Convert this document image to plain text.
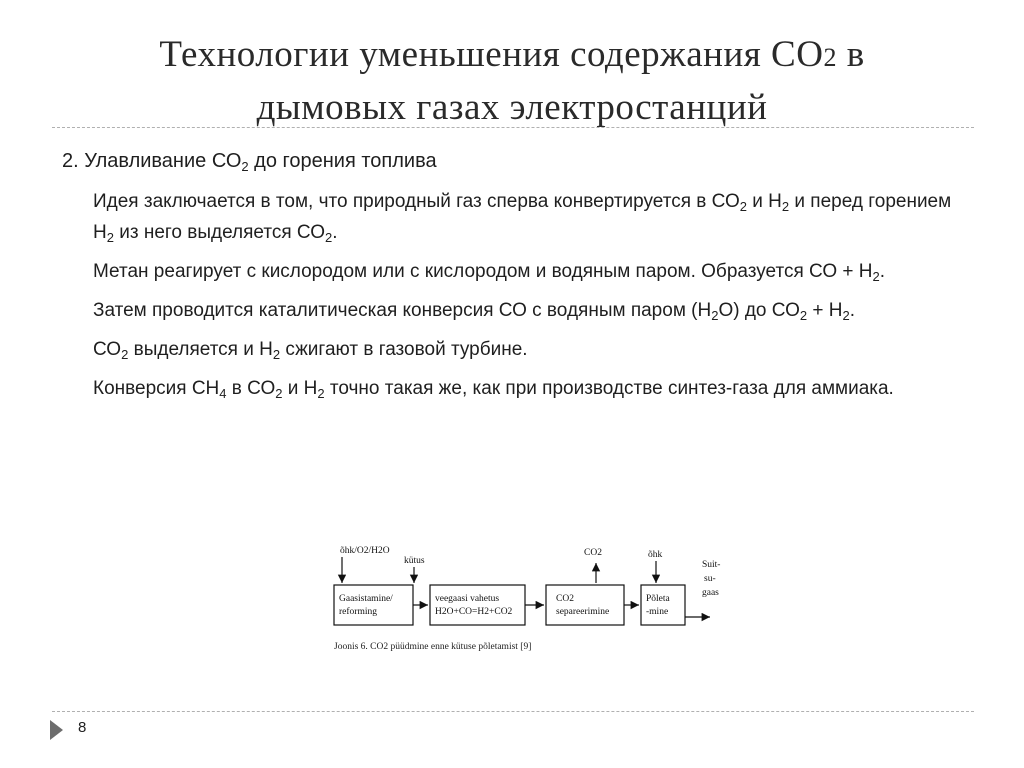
Технологии уменьшения содержания СО2 в
дымовых газах электростанций
2. Улавливание $СО_2$ до горения топлива

Идея заключается в том, что природный газ сперва конвертируется в $СО_2$ и $Н_2$ и перед горением $Н_2$ из него выделяется $СО_2$.

Метан реагирует с кислородом или с кислородом и водяным паром. Образуется СО + $Н_2$.

Затем проводится каталитическая конверсия СО с водяным паром $(Н_2О)$ до $СО_2 + Н_2$.

$СО_2$ выделяется и $Н_2$ сжигают в газовой турбине.

Конверсия $СН_4$ в $СО_2$ и $Н_2$ точно такая же, как при производстве синтез-газа для аммиака.

õhk/O2/H2O
kütus
Gaasistamine/
reforming
veegaasi vahetus
H2O+CO=H2+CO2
CO2
CO2
separeerimine
õhk
Põleta
-mine
Suit-
su-
gaas
Joonis 6. CO2 püüdmine enne kütuse põletamist [9]
8
